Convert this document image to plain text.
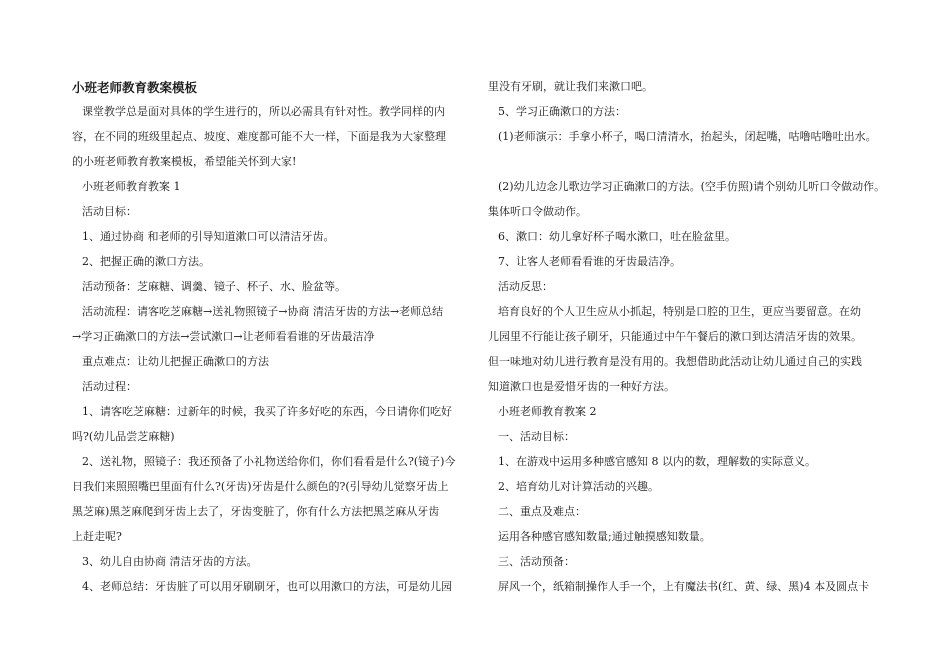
小班老师教育教案模板
课堂教学总是面对具体的学生进行的，所以必需具有针对性。教学同样的内
容，在不同的班级里起点、坡度、难度都可能不大一样，下面是我为大家整理
的小班老师教育教案模板，希望能关怀到大家!
小班老师教育教案 1
活动目标：
1、通过协商 和老师的引导知道漱口可以清洁牙齿。
2、把握正确的漱口方法。
活动预备：芝麻糖、调羹、镜子、杯子、水、脸盆等。
活动流程：请客吃芝麻糖→送礼物照镜子→协商 清洁牙齿的方法→老师总结
→学习正确漱口的方法→尝试漱口→让老师看看谁的牙齿最洁净
重点难点：让幼儿把握正确漱口的方法
活动过程：
1、请客吃芝麻糖：过新年的时候，我买了许多好吃的东西，今日请你们吃好
吗?(幼儿品尝芝麻糖)
2、送礼物，照镜子：我还预备了小礼物送给你们，你们看看是什么?(镜子)今
日我们来照照嘴巴里面有什么?(牙齿)牙齿是什么颜色的?(引导幼儿觉察牙齿上
黑芝麻)黑芝麻爬到牙齿上去了，牙齿变脏了，你有什么方法把黑芝麻从牙齿
上赶走呢?
3、幼儿自由协商 清洁牙齿的方法。
4、老师总结：牙齿脏了可以用牙刷刷牙，也可以用漱口的方法，可是幼儿园
里没有牙刷，就让我们来漱口吧。
5、学习正确漱口的方法：
(1)老师演示：手拿小杯子，喝口清清水，抬起头，闭起嘴，咕噜咕噜吐出水。
(2)幼儿边念儿歌边学习正确漱口的方法。(空手仿照)请个别幼儿听口令做动作。
集体听口令做动作。
6、漱口：幼儿拿好杯子喝水漱口，吐在脸盆里。
7、让客人老师看看谁的牙齿最洁净。
活动反思：
培育良好的个人卫生应从小抓起，特别是口腔的卫生，更应当要留意。在幼
儿园里不行能让孩子刷牙，只能通过中午午餐后的漱口到达清洁牙齿的效果。
但一味地对幼儿进行教育是没有用的。我想借助此活动让幼儿通过自己的实践
知道漱口也是爱惜牙齿的一种好方法。
小班老师教育教案 2
一、活动目标：
1、在游戏中运用多种感官感知 8 以内的数，理解数的实际意义。
2、培育幼儿对计算活动的兴趣。
二、重点及难点：
运用各种感官感知数量;通过触摸感知数量。
三、活动预备：
屏风一个，纸箱制操作人手一个，上有魔法书(红、黄、绿、黑)4 本及圆点卡
